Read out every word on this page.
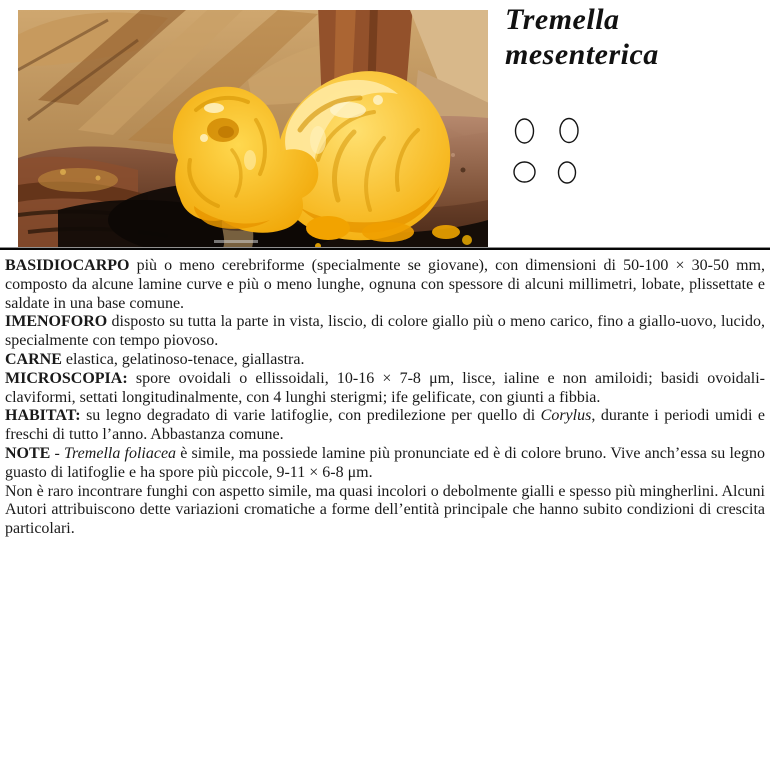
Tremella
mesenterica

BASIDIOCARPO più o meno cerebriforme (specialmente se giovane), con dimensioni di 50-100 × 30-50 mm, composto da alcune lamine curve e più o meno lunghe, ognuna con spessore di alcuni millimetri, lobate, plissettate e saldate in una base comune.

IMENOFORO disposto su tutta la parte in vista, liscio, di colore giallo più o meno carico, fino a giallo-uovo, lucido, specialmente con tempo piovoso.

CARNE elastica, gelatinoso-tenace, giallastra.

MICROSCOPIA: spore ovoidali o ellissoidali, 10-16 × 7-8 μm, lisce, ialine e non amiloidi; basidi ovoidali-claviformi, settati longitudinalmente, con 4 lunghi sterigmi; ife gelificate, con giunti a fibbia.

HABITAT: su legno degradato di varie latifoglie, con predilezione per quello di Corylus, durante i periodi umidi e freschi di tutto l’anno. Abbastanza comune.

NOTE - Tremella foliacea è simile, ma possiede lamine più pronunciate ed è di colore bruno. Vive anch’essa su legno guasto di latifoglie e ha spore più piccole, 9-11 × 6-8 μm.

Non è raro incontrare funghi con aspetto simile, ma quasi incolori o debolmente gialli e spesso più mingherlini. Alcuni Autori attribuiscono dette variazioni cromatiche a forme dell’entità principale che hanno subito condizioni di crescita particolari.
